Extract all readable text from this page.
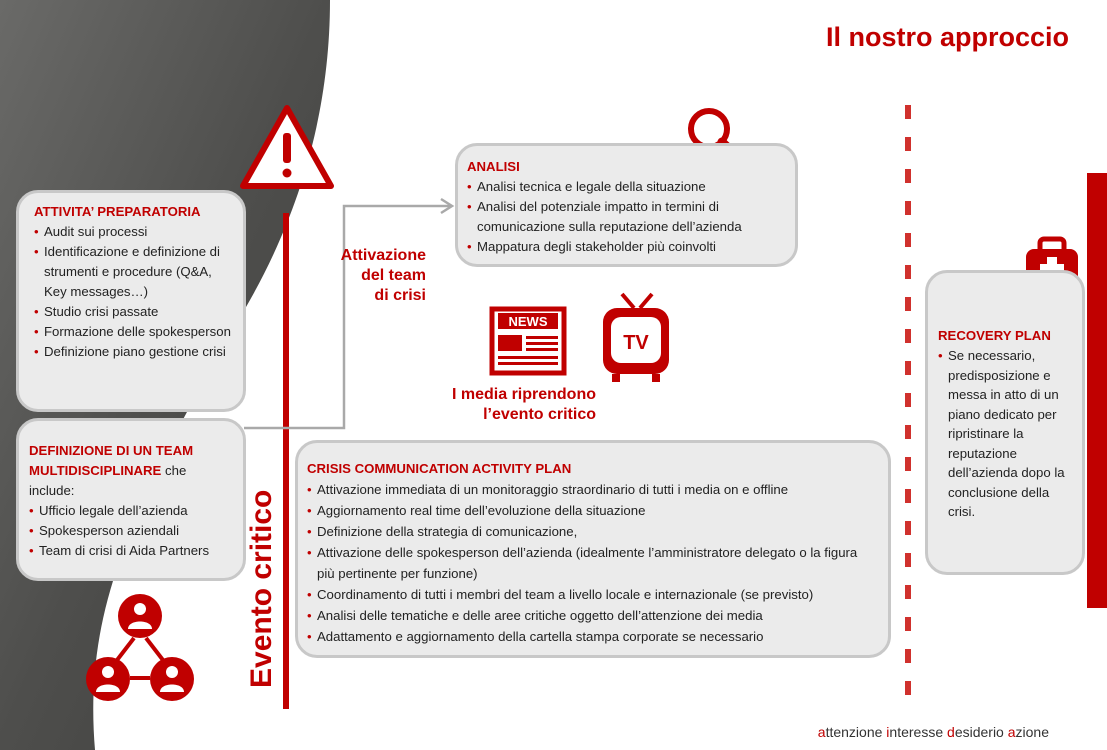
Il nostro approccio
NEWS
TV
ATTIVITA’ PREPARATORIA
• Audit sui processi
• Identificazione e definizione di strumenti e procedure (Q&A, Key messages…)
• Studio crisi passate
• Formazione delle spokesperson
• Definizione piano gestione crisi
DEFINIZIONE DI UN TEAM MULTIDISCIPLINARE che include:
• Ufficio legale dell’azienda
• Spokesperson aziendali
• Team di crisi di Aida Partners
Attivazione
del team
di crisi
ANALISI
• Analisi tecnica e legale della situazione
• Analisi del potenziale impatto in termini di comunicazione sulla reputazione dell’azienda
• Mappatura degli stakeholder più coinvolti
I media riprendono
l’evento critico
Evento critico
CRISIS COMMUNICATION ACTIVITY PLAN
• Attivazione immediata di un monitoraggio straordinario di tutti i media on e offline
• Aggiornamento real time dell’evoluzione della situazione
• Definizione della strategia di comunicazione,
• Attivazione delle spokesperson dell’azienda (idealmente l’amministratore delegato o la figura più pertinente per funzione)
• Coordinamento di tutti i membri del team a livello locale e internazionale (se previsto)
• Analisi delle tematiche e delle aree critiche oggetto dell’attenzione dei media
• Adattamento e aggiornamento della cartella stampa corporate se necessario
RECOVERY PLAN
• Se necessario, predisposizione e messa in atto di un piano dedicato per ripristinare la reputazione dell’azienda dopo la conclusione della crisi.
attenzione interesse desiderio azione
